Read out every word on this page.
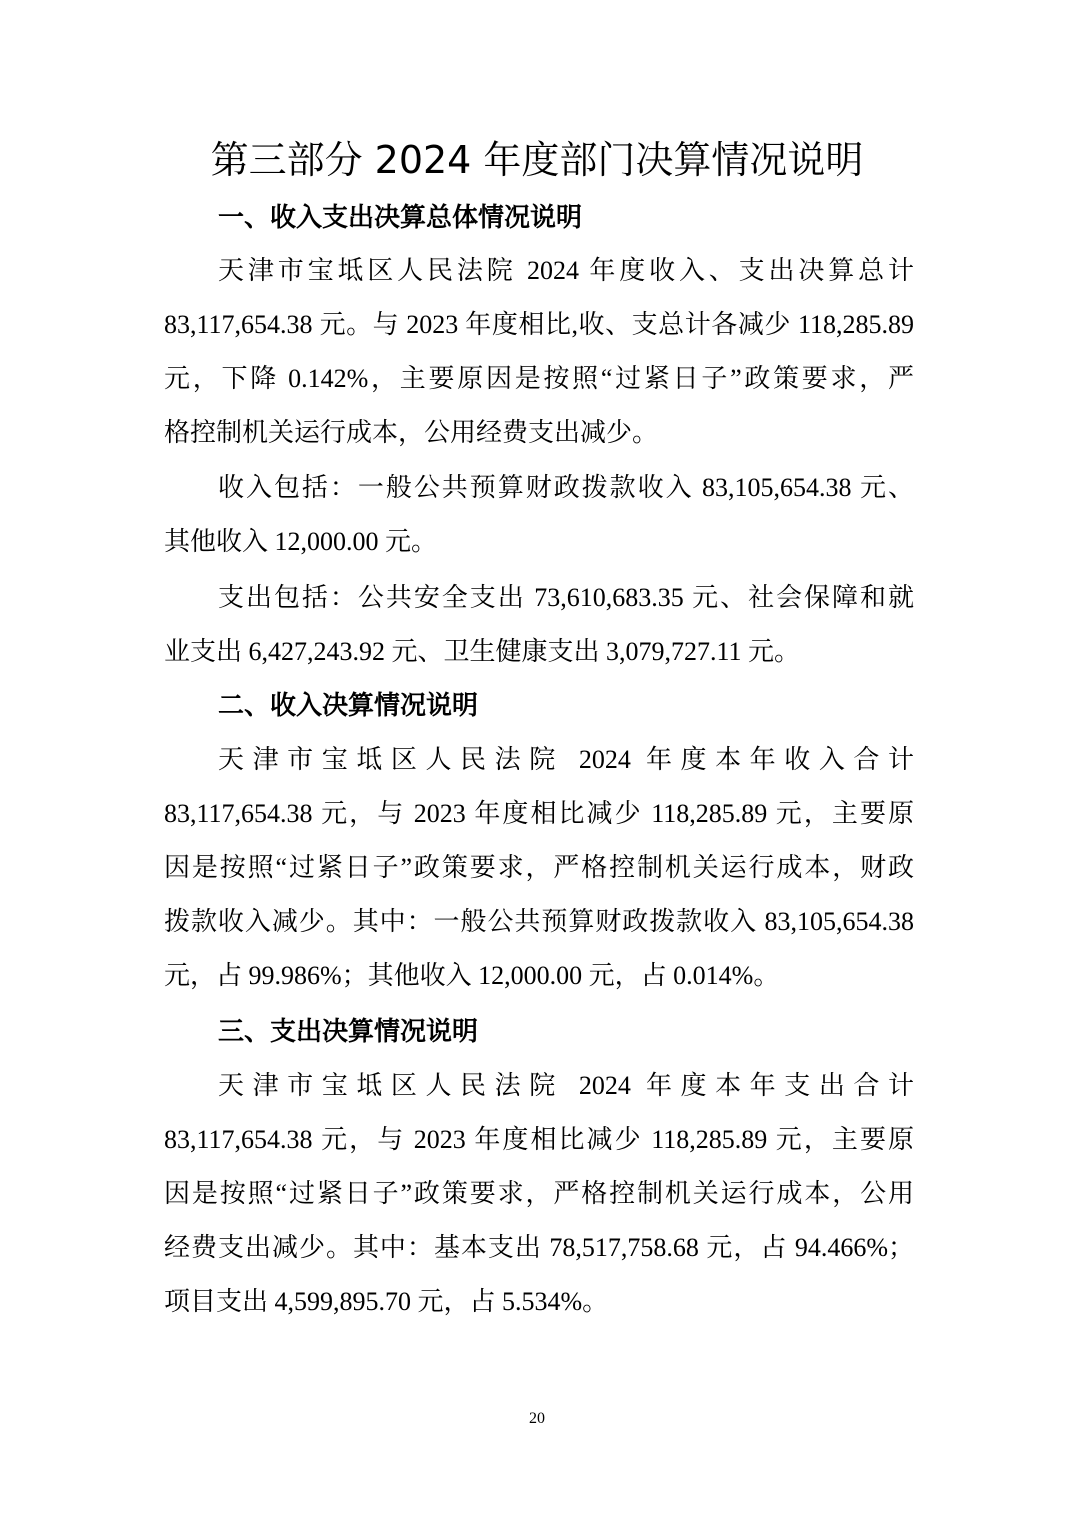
第三部分 2024 年度部门决算情况说明
一、收入支出决算总体情况说明
天津市宝坻区人民法院 2024 年度收入、支出决算总计
83,117,654.38 元。与 2023 年度相比,收、支总计各减少 118,285.89
元，下降 0.142%，主要原因是按照“过紧日子”政策要求，严
格控制机关运行成本，公用经费支出减少。
收入包括：一般公共预算财政拨款收入 83,105,654.38 元、
其他收入 12,000.00 元。
支出包括：公共安全支出 73,610,683.35 元、社会保障和就
业支出 6,427,243.92 元、卫生健康支出 3,079,727.11 元。
二、收入决算情况说明
天津市宝坻区人民法院 2024 年度本年收入合计
83,117,654.38 元，与 2023 年度相比减少 118,285.89 元，主要原
因是按照“过紧日子”政策要求，严格控制机关运行成本，财政
拨款收入减少。其中：一般公共预算财政拨款收入 83,105,654.38
元，占 99.986%；其他收入 12,000.00 元，占 0.014%。
三、支出决算情况说明
天津市宝坻区人民法院 2024 年度本年支出合计
83,117,654.38 元，与 2023 年度相比减少 118,285.89 元，主要原
因是按照“过紧日子”政策要求，严格控制机关运行成本，公用
经费支出减少。其中：基本支出 78,517,758.68 元，占 94.466%；
项目支出 4,599,895.70 元，占 5.534%。
20
